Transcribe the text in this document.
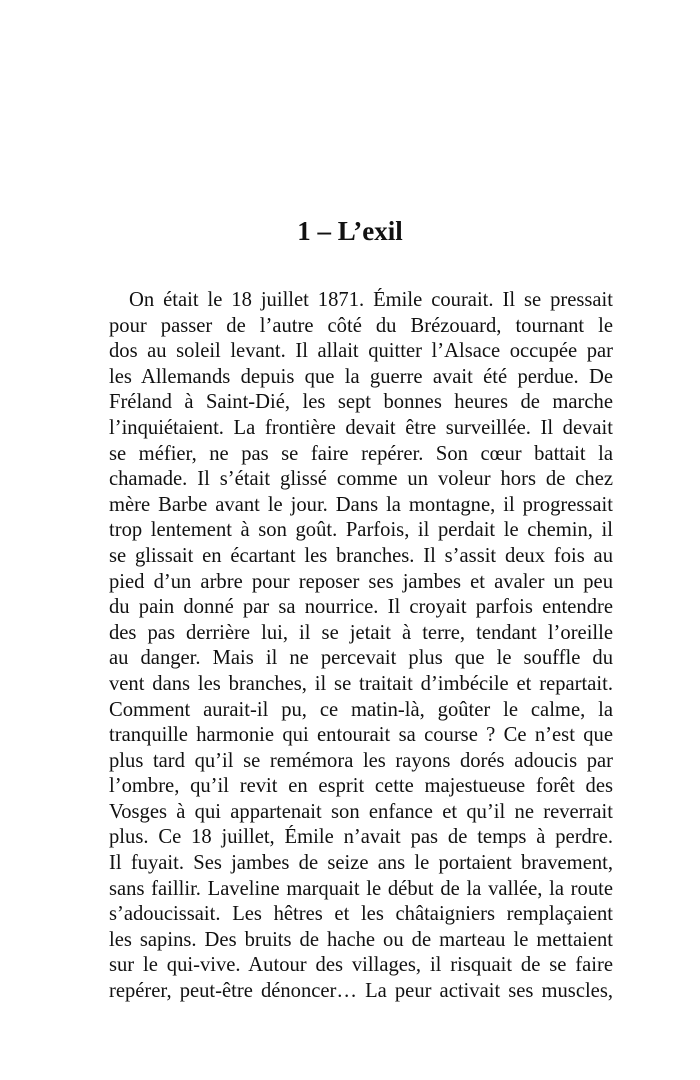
1 – L’exil
On était le 18 juillet 1871. Émile courait. Il se pressait
pour passer de l’autre côté du Brézouard, tournant le
dos au soleil levant. Il allait quitter l’Alsace occupée par
les Allemands depuis que la guerre avait été perdue. De
Fréland à Saint-Dié, les sept bonnes heures de marche
l’inquiétaient. La frontière devait être surveillée. Il devait
se méfier, ne pas se faire repérer. Son cœur battait la
chamade. Il s’était glissé comme un voleur hors de chez
mère Barbe avant le jour. Dans la montagne, il progressait
trop lentement à son goût. Parfois, il perdait le chemin, il
se glissait en écartant les branches. Il s’assit deux fois au
pied d’un arbre pour reposer ses jambes et avaler un peu
du pain donné par sa nourrice. Il croyait parfois entendre
des pas derrière lui, il se jetait à terre, tendant l’oreille
au danger. Mais il ne percevait plus que le souffle du
vent dans les branches, il se traitait d’imbécile et repartait.
Comment aurait-il pu, ce matin-là, goûter le calme, la
tranquille harmonie qui entourait sa course ? Ce n’est que
plus tard qu’il se remémora les rayons dorés adoucis par
l’ombre, qu’il revit en esprit cette majestueuse forêt des
Vosges à qui appartenait son enfance et qu’il ne reverrait
plus. Ce 18 juillet, Émile n’avait pas de temps à perdre.
Il fuyait. Ses jambes de seize ans le portaient bravement,
sans faillir. Laveline marquait le début de la vallée, la route
s’adoucissait. Les hêtres et les châtaigniers remplaçaient
les sapins. Des bruits de hache ou de marteau le mettaient
sur le qui-vive. Autour des villages, il risquait de se faire
repérer, peut-être dénoncer… La peur activait ses muscles,
